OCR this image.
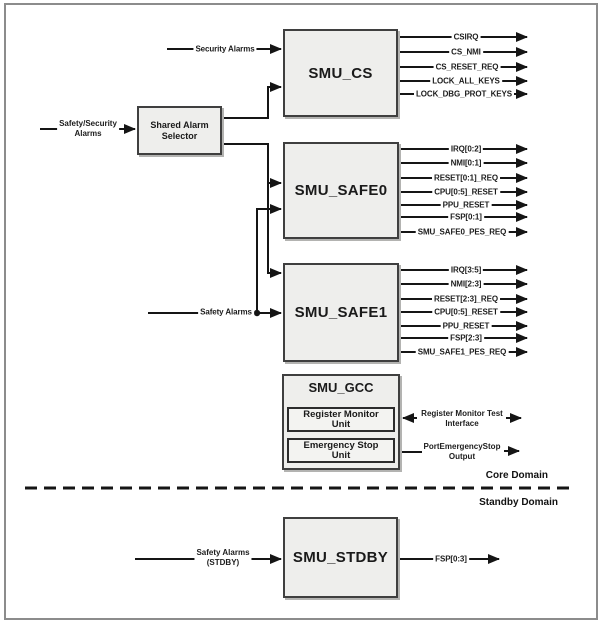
Shared Alarm
Selector
SMU_CS
SMU_SAFE0
SMU_SAFE1
SMU_GCC
Register Monitor
Unit
Emergency Stop
Unit
SMU_STDBY
Security Alarms
Safety/Security
Alarms
Safety Alarms
Safety Alarms
(STDBY)
CSIRQ
CS_NMI
CS_RESET_REQ
LOCK_ALL_KEYS
LOCK_DBG_PROT_KEYS
IRQ[0:2]
NMI[0:1]
RESET[0:1]_REQ
CPU[0:5]_RESET
PPU_RESET
FSP[0:1]
SMU_SAFE0_PES_REQ
IRQ[3:5]
NMI[2:3]
RESET[2:3]_REQ
CPU[0:5]_RESET
PPU_RESET
FSP[2:3]
SMU_SAFE1_PES_REQ
Register Monitor Test
Interface
PortEmergencyStop
Output
FSP[0:3]
Core Domain
Standby Domain
